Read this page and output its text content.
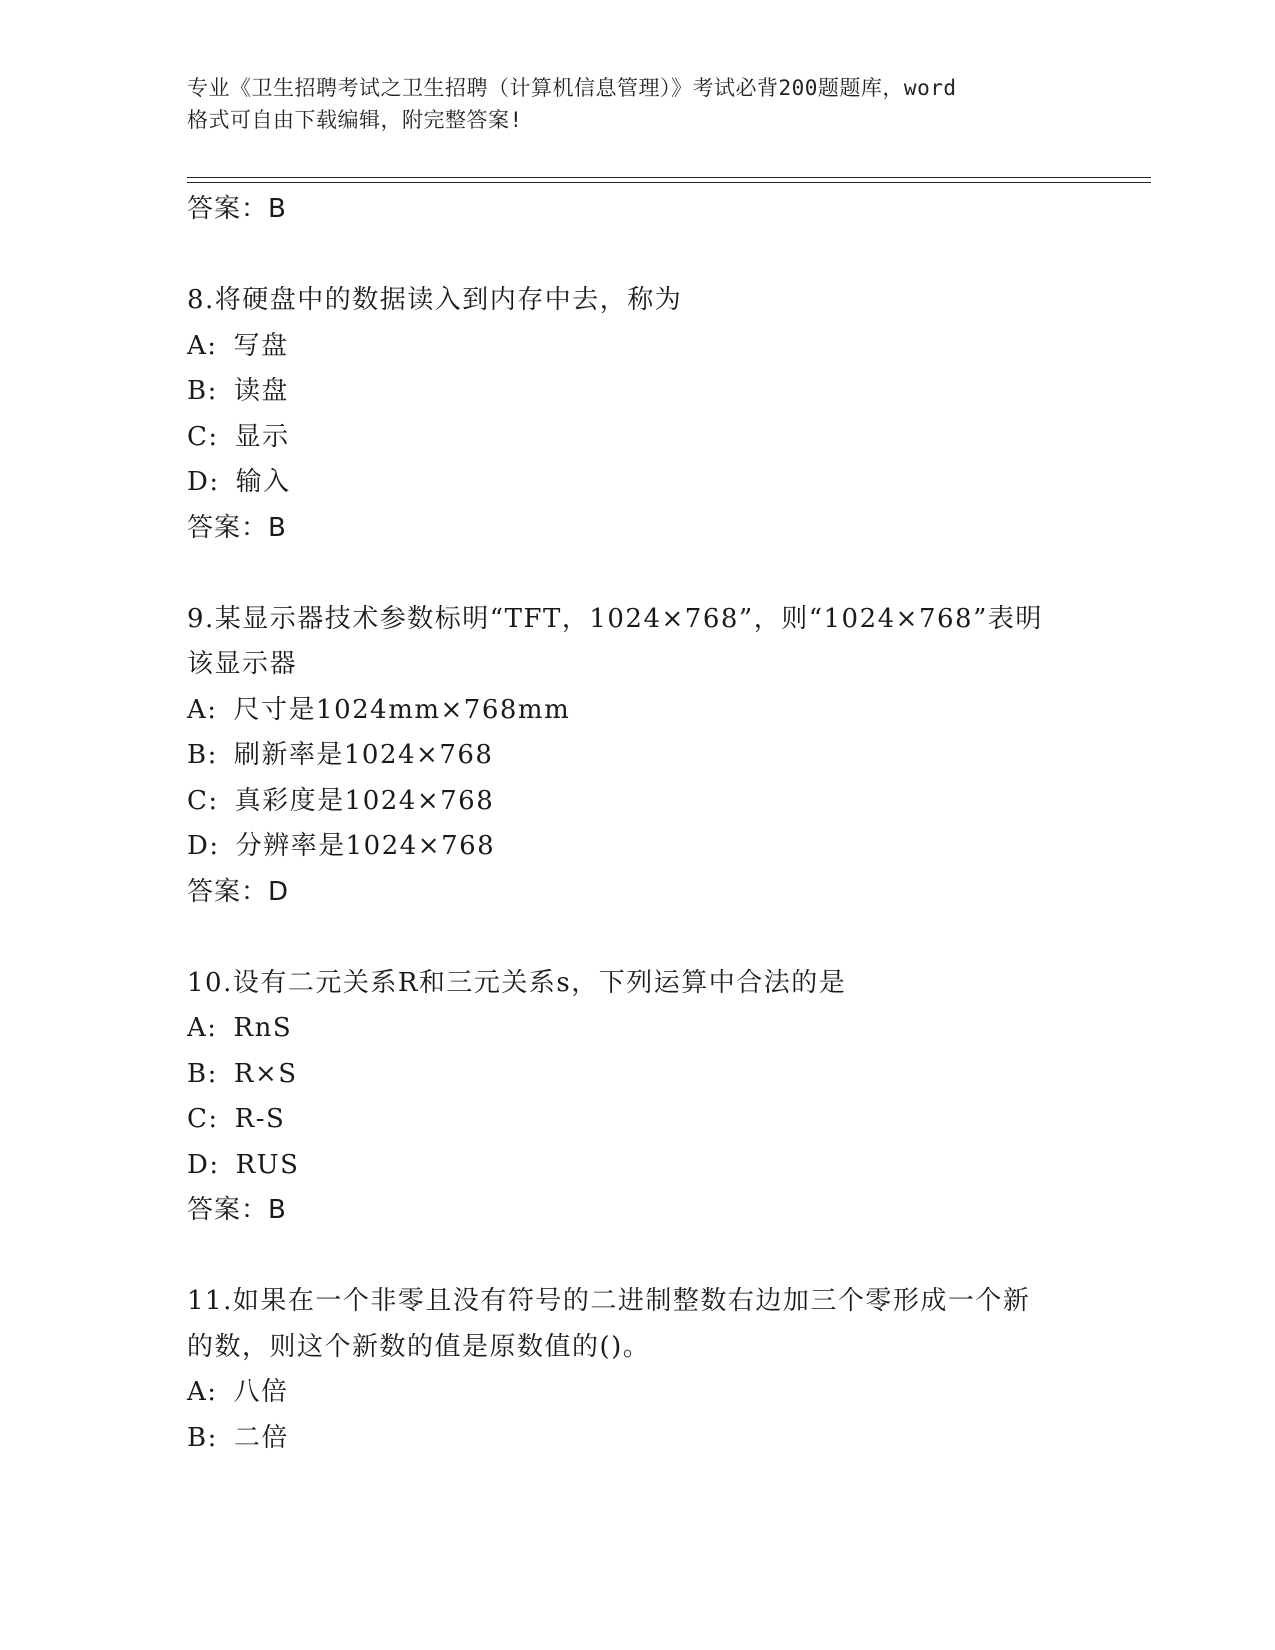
专业《卫生招聘考试之卫生招聘（计算机信息管理）》考试必背200题题库，word
格式可自由下载编辑，附完整答案!
答案：B
8.将硬盘中的数据读入到内存中去，称为
A: 写盘
B: 读盘
C: 显示
D: 输入
答案：B
9.某显示器技术参数标明“TFT，1024×768”，则“1024×768”表明
该显示器
A: 尺寸是1024mm×768mm
B: 刷新率是1024×768
C: 真彩度是1024×768
D: 分辨率是1024×768
答案：D
10.设有二元关系R和三元关系s，下列运算中合法的是
A: RnS
B: R×S
C: R-S
D: RUS
答案：B
11.如果在一个非零且没有符号的二进制整数右边加三个零形成一个新
的数，则这个新数的值是原数值的()。
A: 八倍
B: 二倍
